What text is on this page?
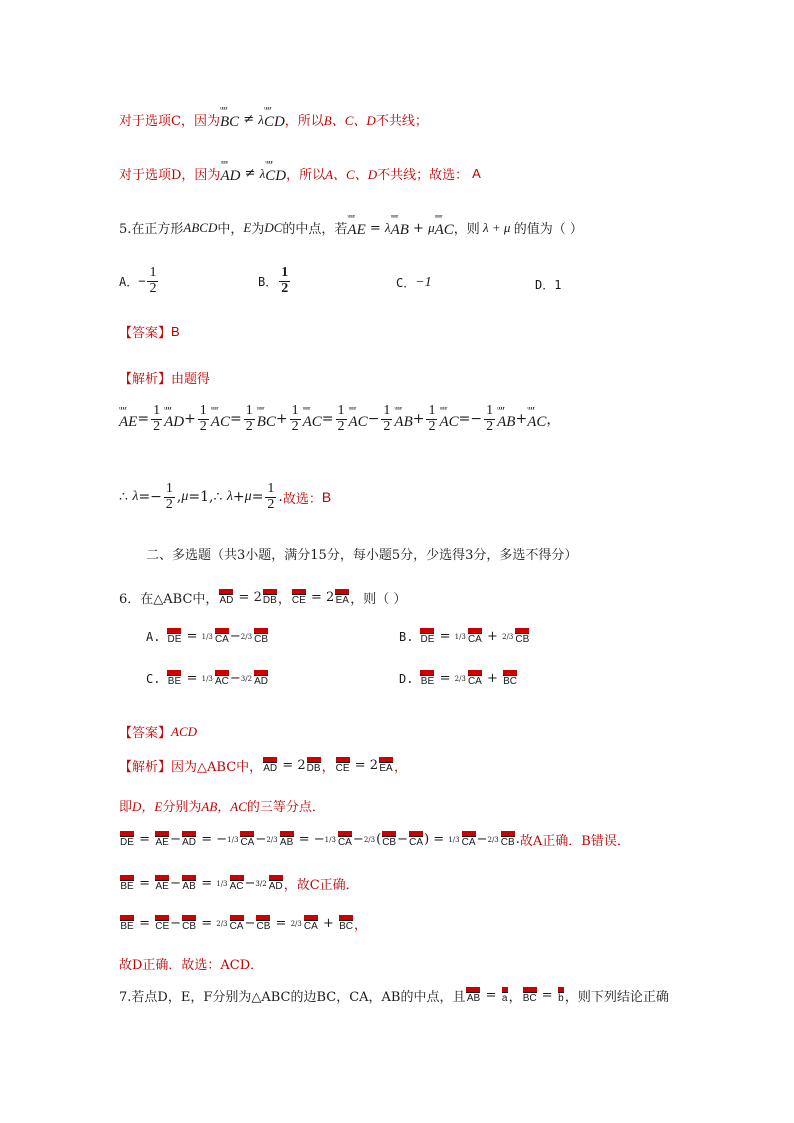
对于选项C，因为 ᵘᵘᵘʳ BC ≠ λ ᵘᵘᵘʳ CD ，所以 B、C、D 不共线；
对于选项D，因为 ᵘᵘᵘʳ AD ≠ λ ᵘᵘᵘʳ CD ，所以 A、C、D 不共线；故选： A
5.在正方形 ABCD 中， E 为 DC 的中点，若 ᵘᵘᵘʳ AE = λ ᵘᵘᵘʳ AB + μ ᵘᵘᵘʳ AC ，则 λ + μ 的值为（ ）
A． − $\frac{1}{2}$	B． $\frac{1}{2}$	C． −1	D．1
【答案】 B
【解析】 由题得
ᵘᵘᵘʳ AE = $\frac{1}{2}$ ᵘᵘᵘʳ AD + $\frac{1}{2}$ ᵘᵘᵘʳ AC = $\frac{1}{2}$ ᵘᵘᵘʳ BC + $\frac{1}{2}$ ᵘᵘᵘʳ AC = $\frac{1}{2}$ ᵘᵘᵘʳ AC − $\frac{1}{2}$ ᵘᵘᵘʳ AB + $\frac{1}{2}$ ᵘᵘᵘʳ AC =− $\frac{1}{2}$ ᵘᵘᵘʳ AB + ᵘᵘᵘʳ AC ，
∴ $\lambda =- \frac{1}{2}$ , μ =1,∴ $\lambda + \mu = \frac{1}{2}$ . 故选： B
二、多选题（共3小题，满分15分，每小题5分，少选得3分，多选不得分）
6．在△ABC中， AD = 2 DB ， CE = 2 EA ，则（ ）
A. DE = 1/3 CA − 2/3 CB	B. DE = 1/3 CA + 2/3 CB
C. BE = 1/3 AC − 3/2 AD	D. BE = 2/3 CA + BC
【答案】 ACD
【解析】 因为△ABC中， AD = 2 DB ， CE = 2 EA ，
即 D，E 分别为 AB，AC 的三等分点．
DE = AE − AD = − 1/3 CA − 2/3 AB = − 1/3 CA − 2/3 ( CB − CA ) = 1/3 CA − 2/3 CB . 故A正确．B错误．
BE = AE − AB = 1/3 AC − 3/2 AD ，故C正确．
BE = CE − CB = 2/3 CA − CB = 2/3 CA + BC ，
故D正确．故选：ACD．
7.若点D，E，F分别为△ABC的边BC，CA，AB的中点，且 AB = a ， BC = b ，则下列结论正确
